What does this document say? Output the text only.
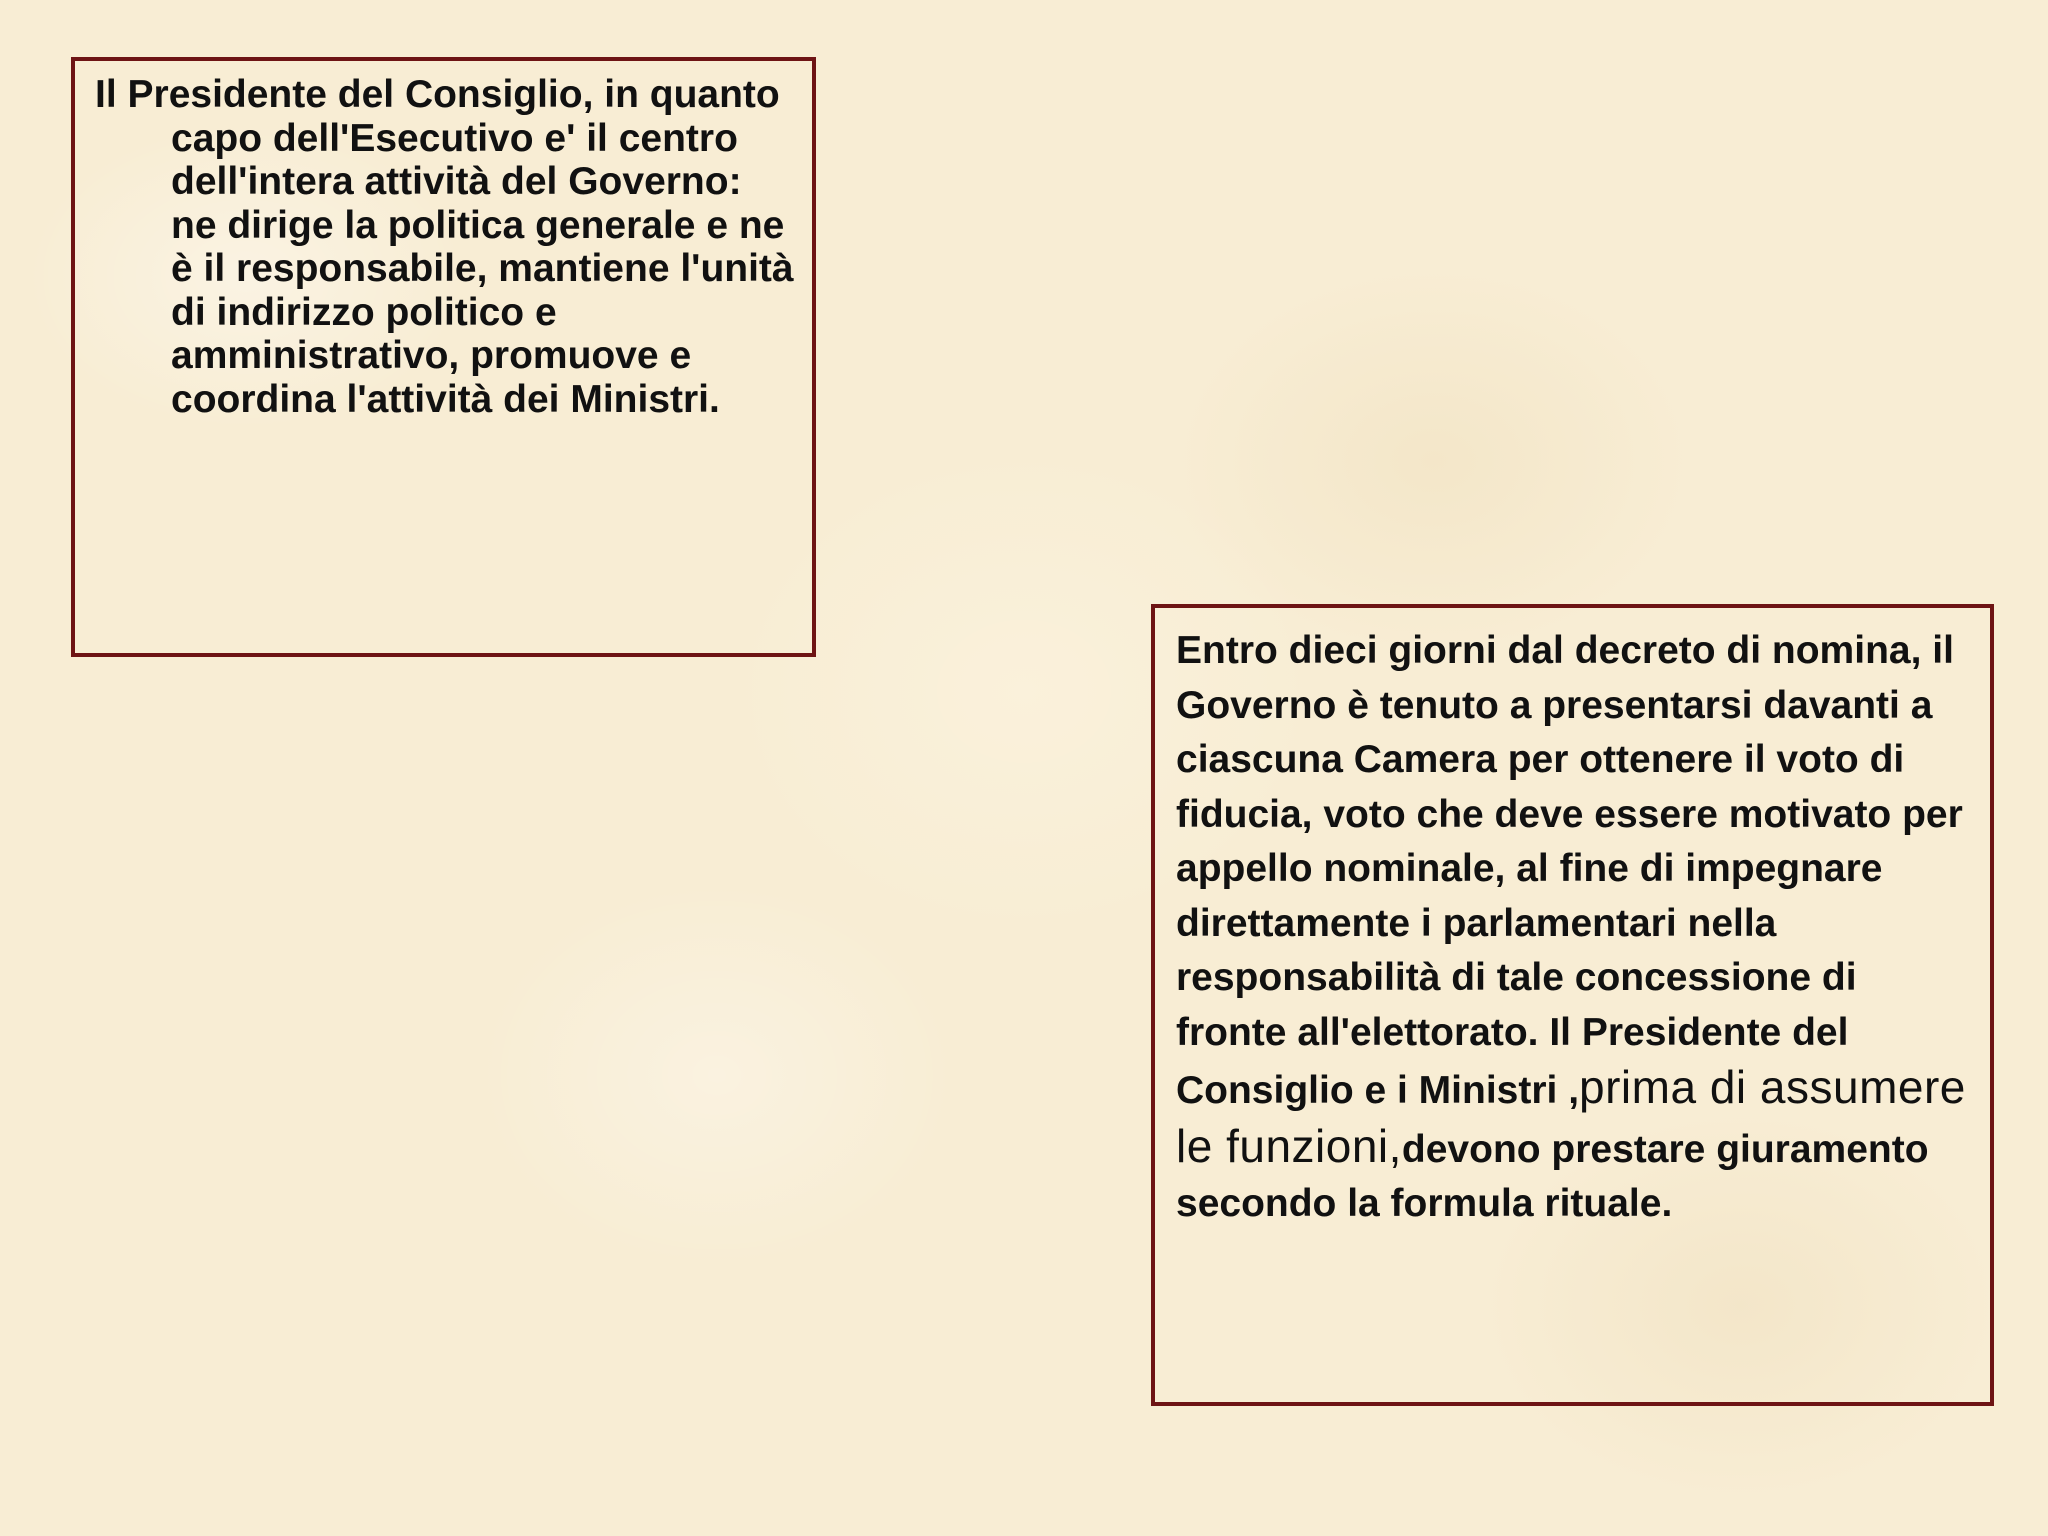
Il Presidente del Consiglio, in quanto capo dell'Esecutivo e' il centro dell'intera attività del Governo: ne dirige la politica generale e ne è il responsabile, mantiene l'unità di indirizzo politico e amministrativo, promuove e coordina l'attività dei Ministri.

Entro dieci giorni dal decreto di nomina, il Governo è tenuto a presentarsi davanti a ciascuna Camera per ottenere il voto di fiducia, voto che deve essere motivato per appello nominale, al fine di impegnare direttamente i parlamentari nella responsabilità di tale concessione di fronte all'elettorato. Il Presidente del Consiglio e i Ministri ,prima di assumere le funzioni,devono prestare giuramento secondo la formula rituale.
